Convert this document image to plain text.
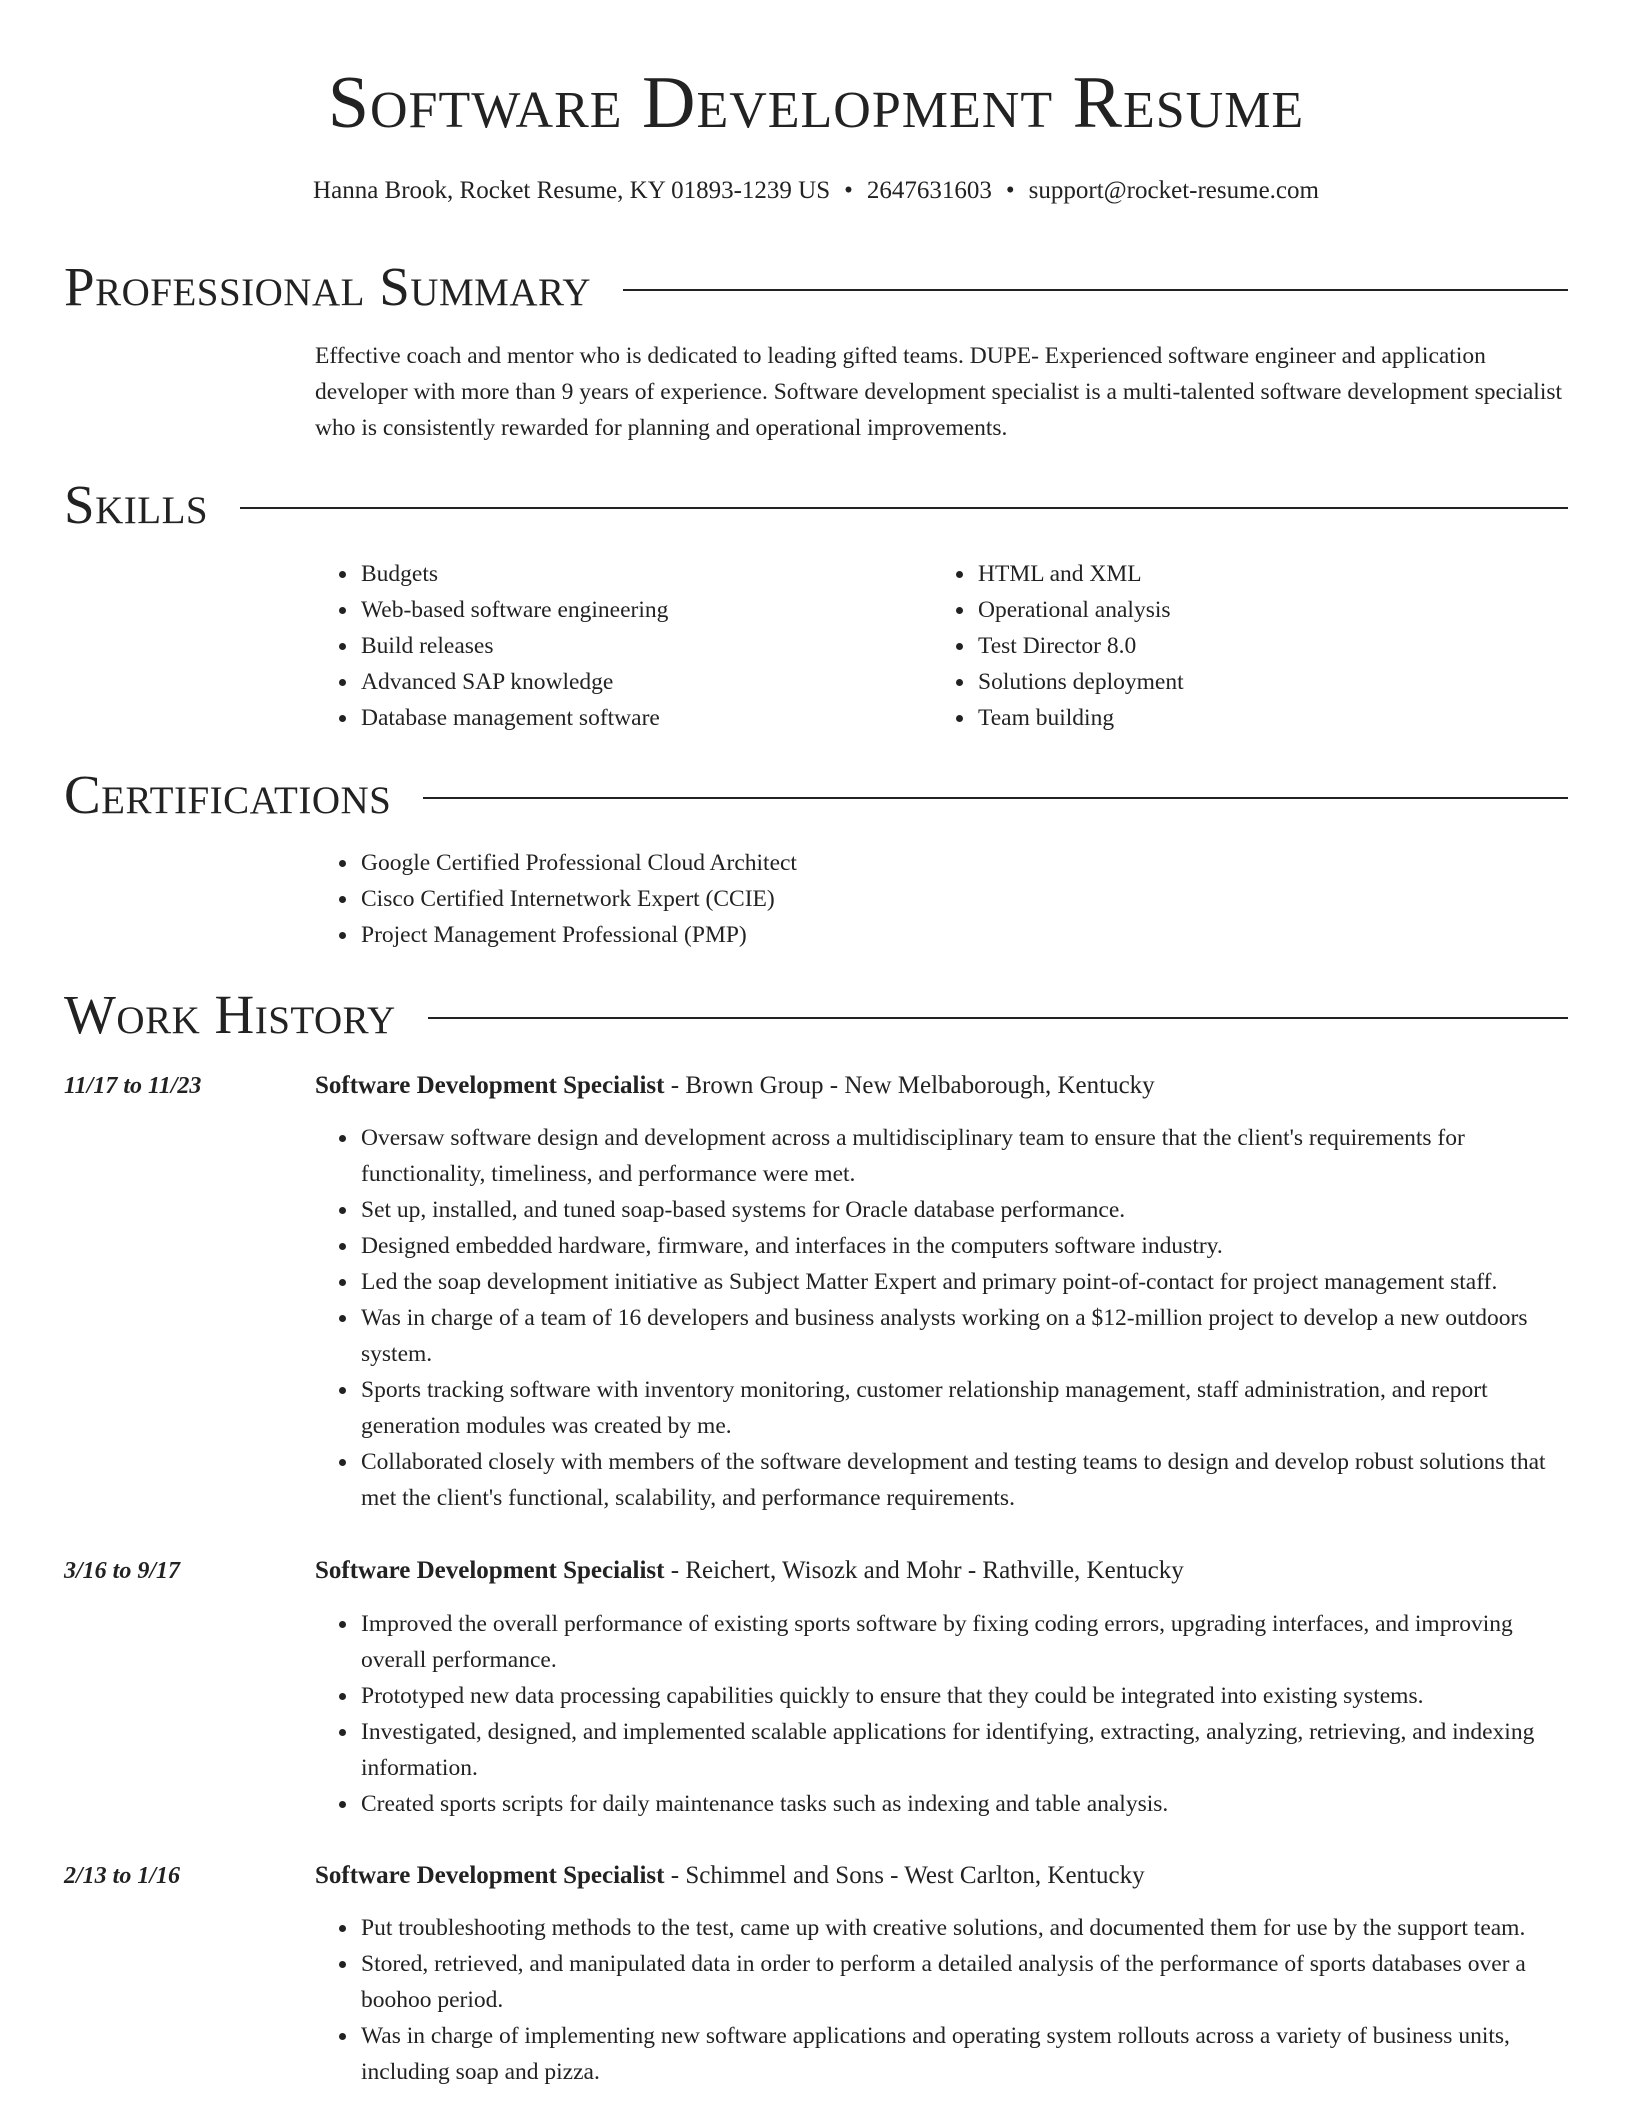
Software Development Resume
Hanna Brook, Rocket Resume, KY 01893-1239 US • 2647631603 • support@rocket-resume.com
Professional Summary
Effective coach and mentor who is dedicated to leading gifted teams. DUPE- Experienced software engineer and application developer with more than 9 years of experience. Software development specialist is a multi-talented software development specialist who is consistently rewarded for planning and operational improvements.
Skills
• Budgets
• Web-based software engineering
• Build releases
• Advanced SAP knowledge
• Database management software
• HTML and XML
• Operational analysis
• Test Director 8.0
• Solutions deployment
• Team building
Certifications
• Google Certified Professional Cloud Architect
• Cisco Certified Internetwork Expert (CCIE)
• Project Management Professional (PMP)
Work History
11/17 to 11/23	Software Development Specialist - Brown Group - New Melbaborough, Kentucky
• Oversaw software design and development across a multidisciplinary team to ensure that the client's requirements for functionality, timeliness, and performance were met.
• Set up, installed, and tuned soap-based systems for Oracle database performance.
• Designed embedded hardware, firmware, and interfaces in the computers software industry.
• Led the soap development initiative as Subject Matter Expert and primary point-of-contact for project management staff.
• Was in charge of a team of 16 developers and business analysts working on a $12-million project to develop a new outdoors system.
• Sports tracking software with inventory monitoring, customer relationship management, staff administration, and report generation modules was created by me.
• Collaborated closely with members of the software development and testing teams to design and develop robust solutions that met the client's functional, scalability, and performance requirements.
3/16 to 9/17	Software Development Specialist - Reichert, Wisozk and Mohr - Rathville, Kentucky
• Improved the overall performance of existing sports software by fixing coding errors, upgrading interfaces, and improving overall performance.
• Prototyped new data processing capabilities quickly to ensure that they could be integrated into existing systems.
• Investigated, designed, and implemented scalable applications for identifying, extracting, analyzing, retrieving, and indexing information.
• Created sports scripts for daily maintenance tasks such as indexing and table analysis.
2/13 to 1/16	Software Development Specialist - Schimmel and Sons - West Carlton, Kentucky
• Put troubleshooting methods to the test, came up with creative solutions, and documented them for use by the support team.
• Stored, retrieved, and manipulated data in order to perform a detailed analysis of the performance of sports databases over a boohoo period.
• Was in charge of implementing new software applications and operating system rollouts across a variety of business units, including soap and pizza.
